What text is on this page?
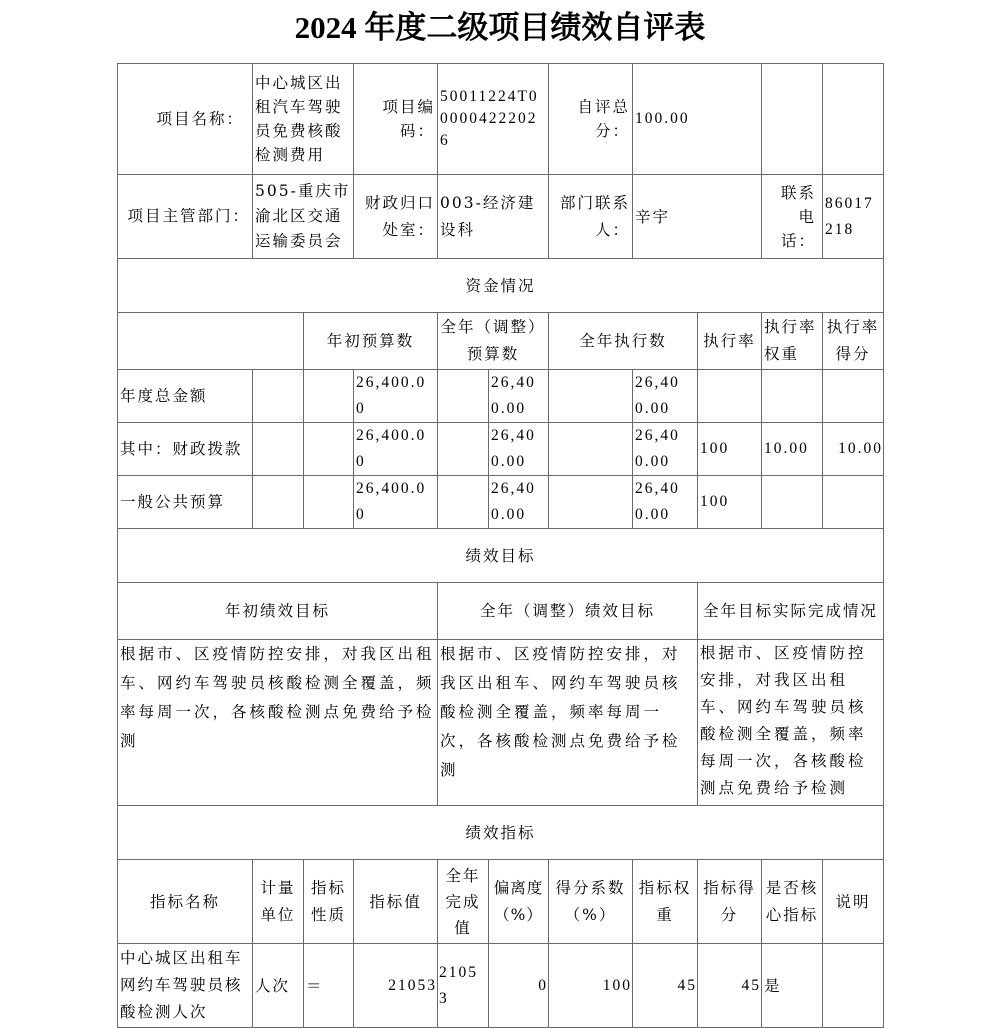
2024 年度二级项目绩效自评表
项目名称：	中心城区出租汽车驾驶员免费核酸检测费用		项目编码：	50011224T000004222026		自评总分：	100.00			
项目主管部门：	505-重庆市渝北区交通运输委员会		财政归口处室：	003-经济建设科		部门联系人：	辛宇		联系电话：	86017218
资金情况										
		年初预算数		全年（调整）预算数		全年执行数		执行率	执行率权重	执行率得分
年度总金额			26,400.00		26,400.00		26,400.00			
其中：财政拨款			26,400.00		26,400.00		26,400.00	100	10.00	10.00
一般公共预算			26,400.00		26,400.00		26,400.00	100		
绩效目标										
年初绩效目标				全年（调整）绩效目标				全年目标实际完成情况		
根据市、区疫情防控安排，对我区出租车、网约车驾驶员核酸检测全覆盖，频率每周一次，各核酸检测点免费给予检测				根据市、区疫情防控安排，对我区出租车、网约车驾驶员核酸检测全覆盖，频率每周一次，各核酸检测点免费给予检测				根据市、区疫情防控安排，对我区出租车、网约车驾驶员核酸检测全覆盖，频率每周一次，各核酸检测点免费给予检测		
绩效指标										
指标名称	计量单位	指标性质	指标值	全年完成值	偏离度（%）	得分系数（%）	指标权重	指标得分	是否核心指标	说明
中心城区出租车网约车驾驶员核酸检测人次	人次	＝	21053	21053	0	100	45	45	是	
